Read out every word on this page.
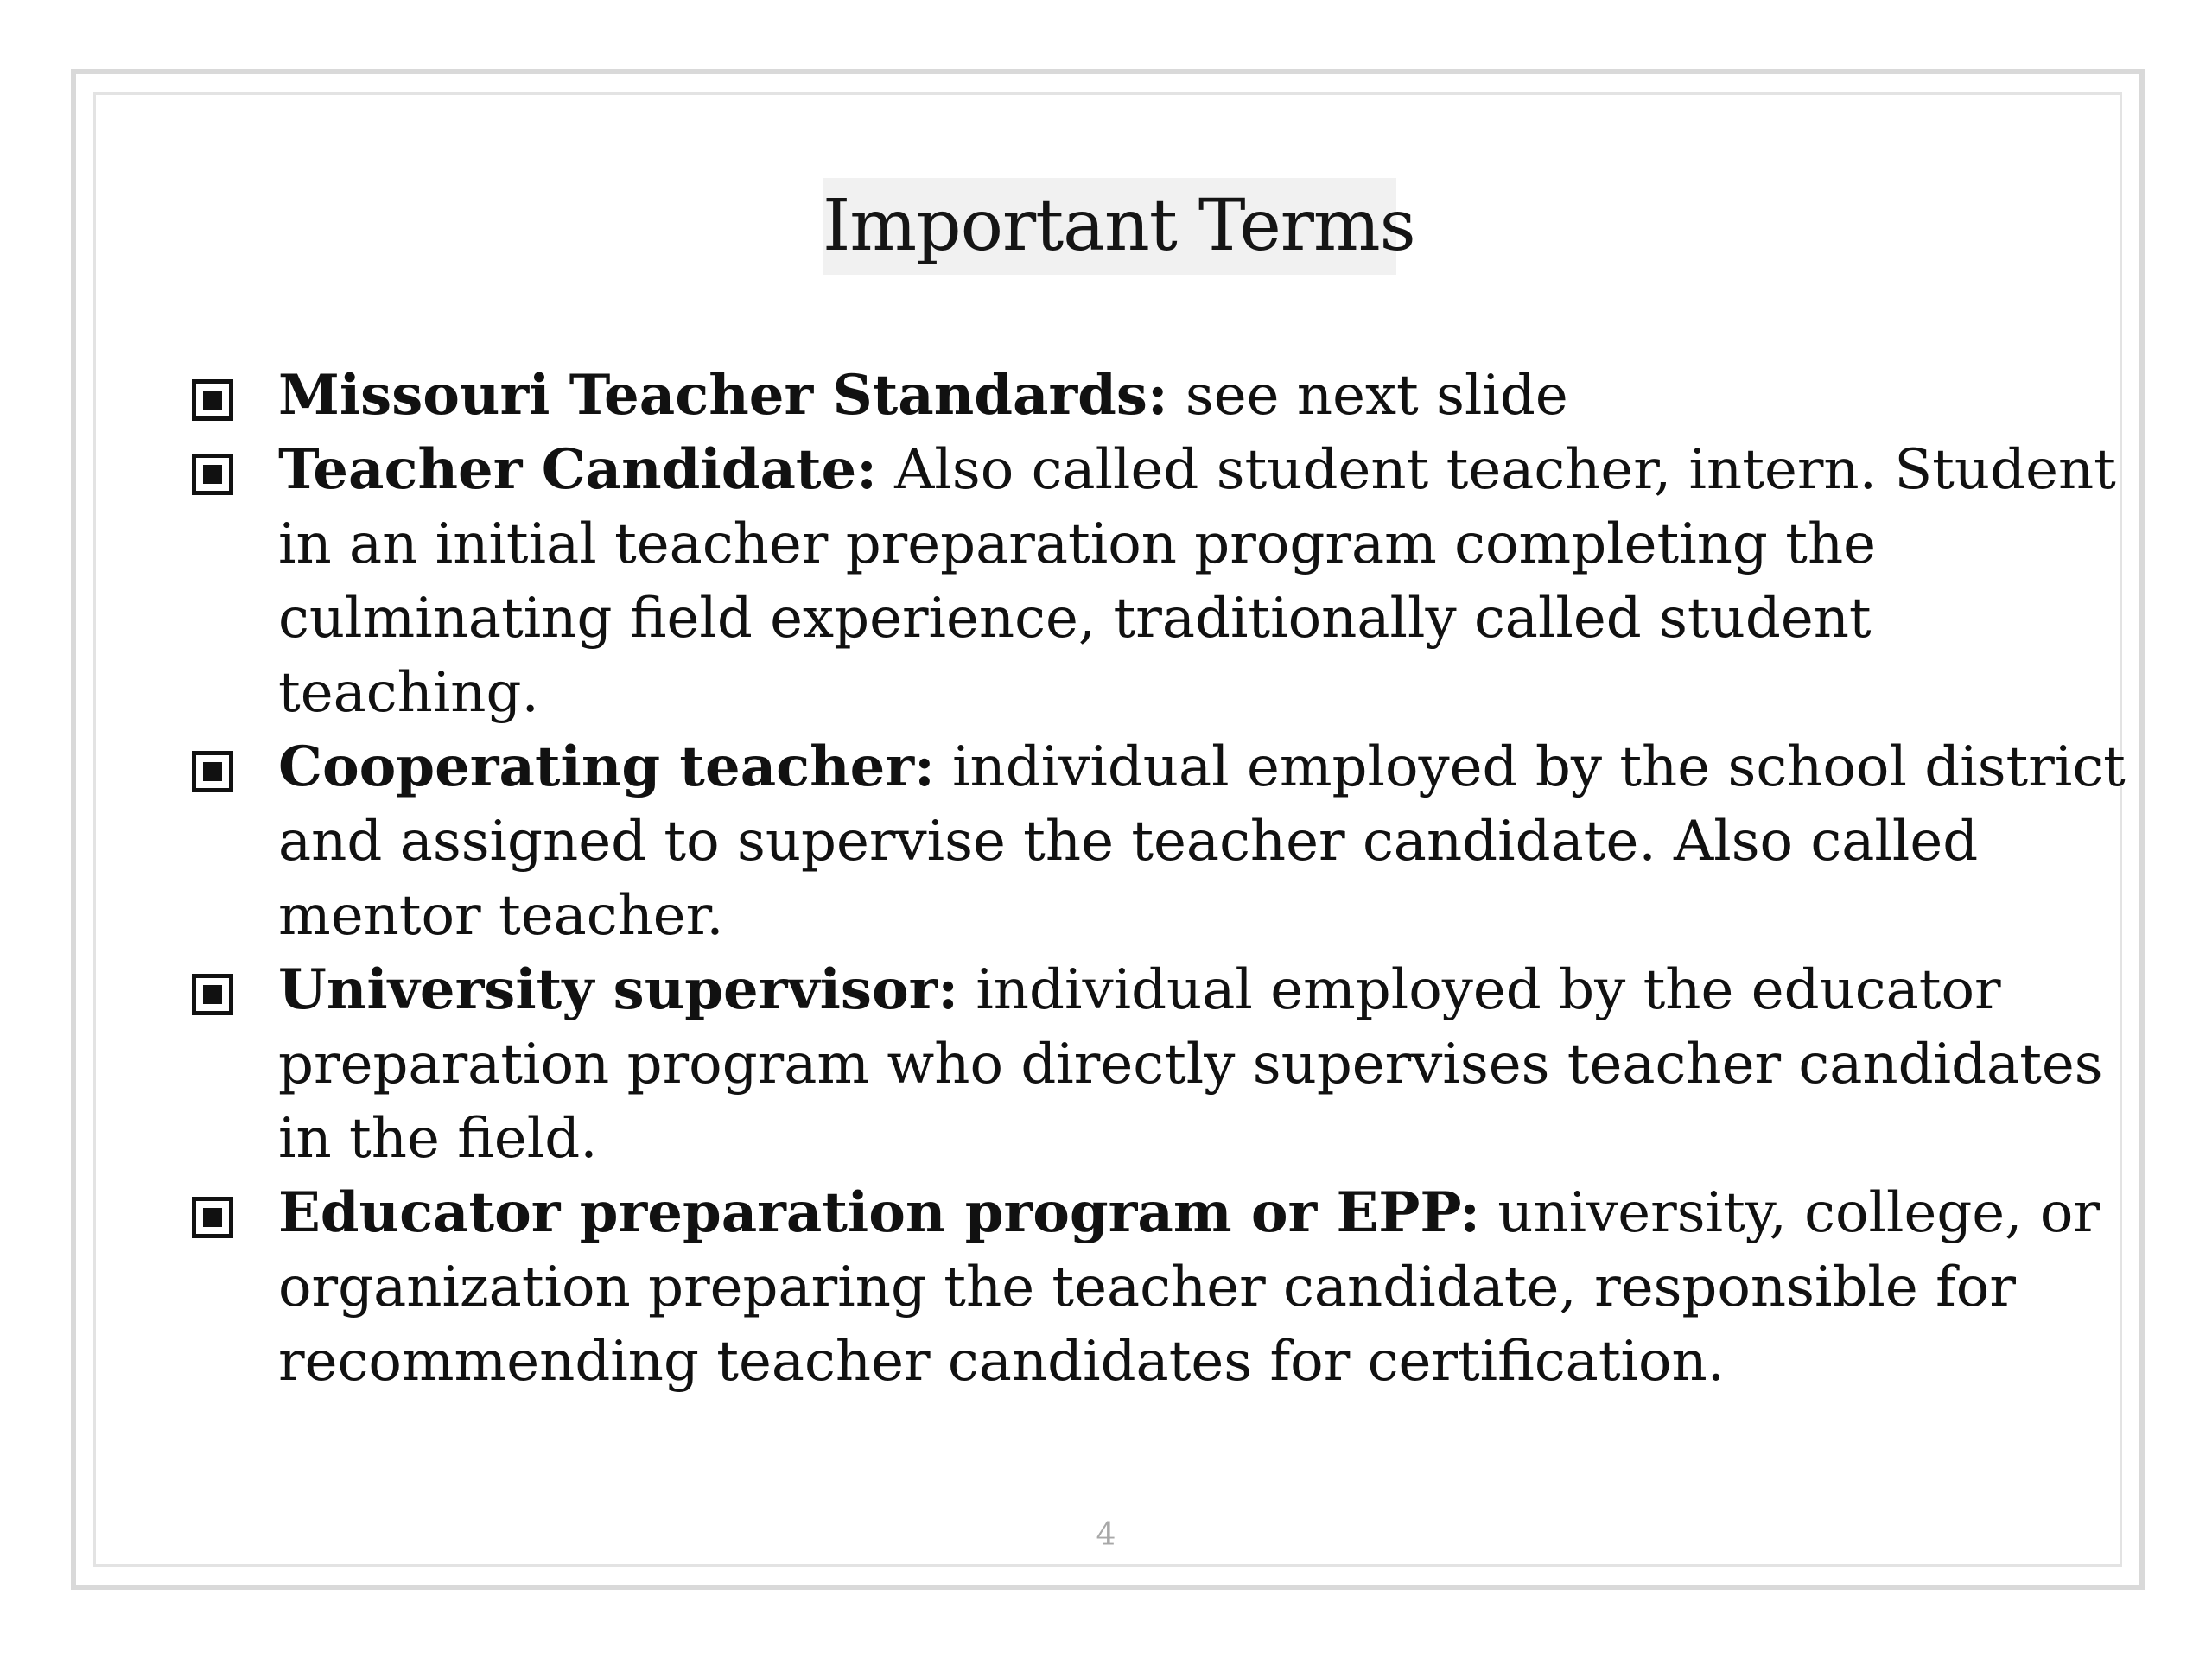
Important Terms
Missouri Teacher Standards: see next slide
Teacher Candidate: Also called student teacher, intern. Student
in an initial teacher preparation program completing the
culminating field experience, traditionally called student
teaching.
Cooperating teacher: individual employed by the school district
and assigned to supervise the teacher candidate. Also called
mentor teacher.
University supervisor: individual employed by the educator
preparation program who directly supervises teacher candidates
in the field.
Educator preparation program or EPP: university, college, or
organization preparing the teacher candidate, responsible for
recommending teacher candidates for certification.
4
